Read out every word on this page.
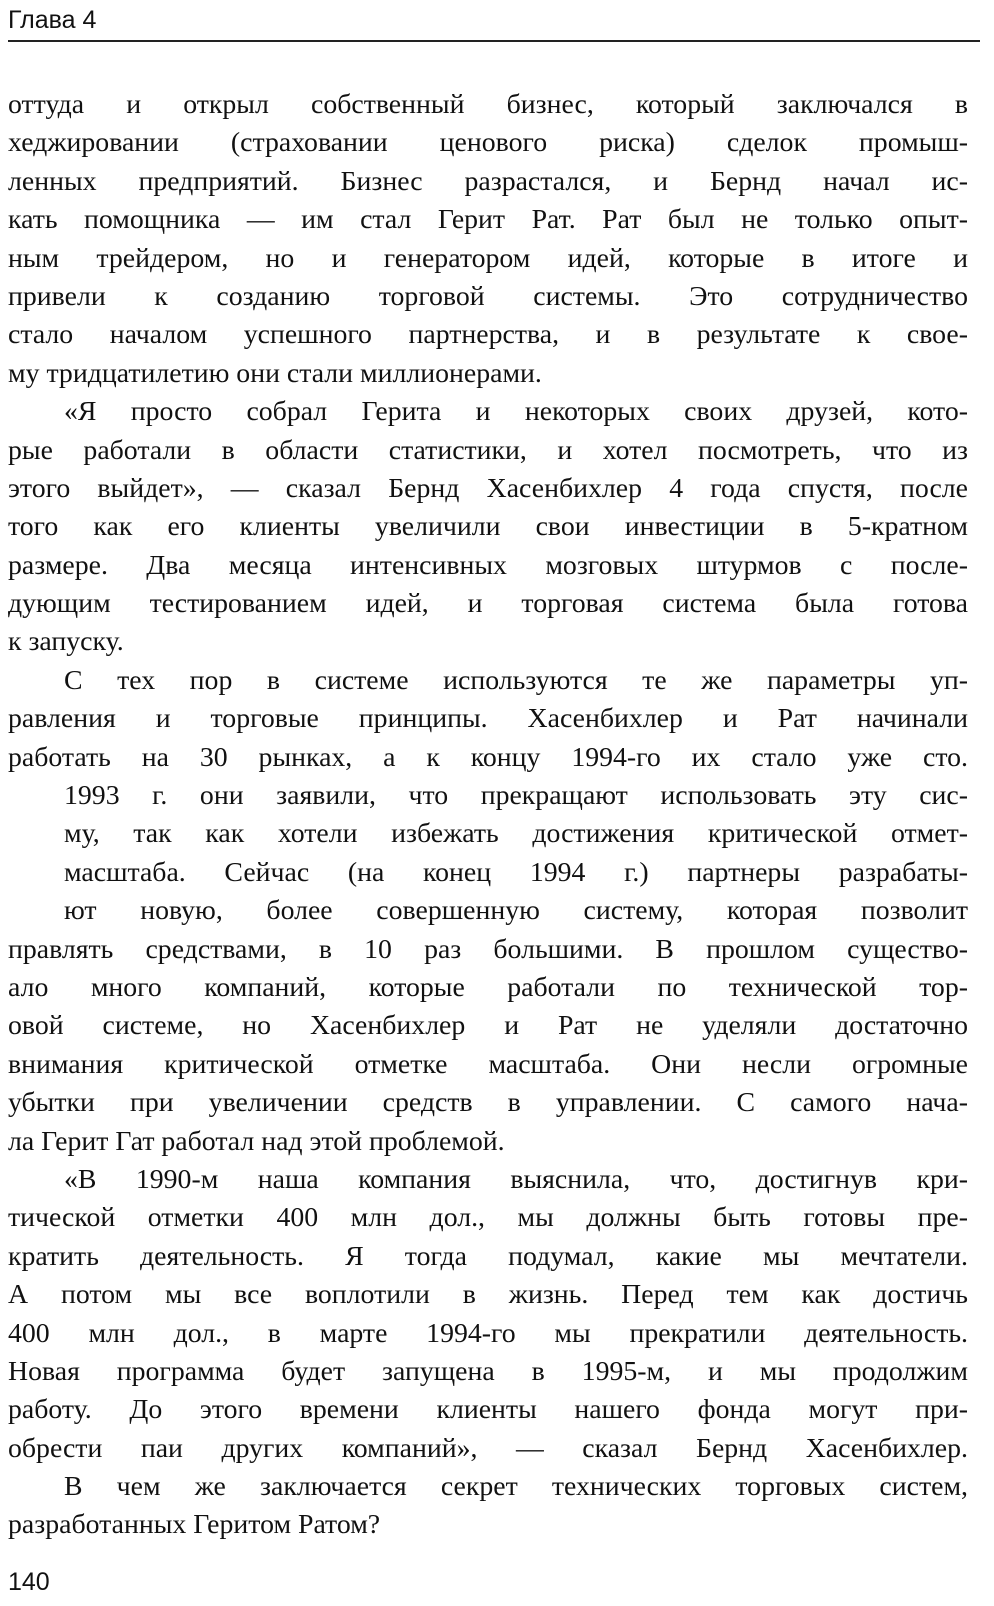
Глава 4
оттуда и открыл собственный бизнес, который заключался в
хеджировании (страховании ценового риска) сделок промыш-
ленных предприятий. Бизнес разрастался, и Бернд начал ис-
кать помощника — им стал Герит Рат. Рат был не только опыт-
ным трейдером, но и генератором идей, которые в итоге и
привели к созданию торговой системы. Это сотрудничество
стало началом успешного партнерства, и в результате к свое-
му тридцатилетию они стали миллионерами.
«Я просто собрал Герита и некоторых своих друзей, кото-
рые работали в области статистики, и хотел посмотреть, что из
этого выйдет», — сказал Бернд Хасенбихлер 4 года спустя, после
того как его клиенты увеличили свои инвестиции в 5-кратном
размере. Два месяца интенсивных мозговых штурмов с после-
дующим тестированием идей, и торговая система была готова
к запуску.
С тех пор в системе используются те же параметры уп-
равления и торговые принципы. Хасенбихлер и Рат начинали
работать на 30 рынках, а к концу 1994-го их стало уже сто.
1993 г. они заявили, что прекращают использовать эту сис-
му, так как хотели избежать достижения критической отмет-
масштаба. Сейчас (на конец 1994 г.) партнеры разрабаты-
ют новую, более совершенную систему, которая позволит
правлять средствами, в 10 раз большими. В прошлом существо-
ало много компаний, которые работали по технической тор-
овой системе, но Хасенбихлер и Рат не уделяли достаточно
внимания критической отметке масштаба. Они несли огромные
убытки при увеличении средств в управлении. С самого нача-
ла Герит Гат работал над этой проблемой.
«В 1990-м наша компания выяснила, что, достигнув кри-
тической отметки 400 млн дол., мы должны быть готовы пре-
кратить деятельность. Я тогда подумал, какие мы мечтатели.
А потом мы все воплотили в жизнь. Перед тем как достичь
400 млн дол., в марте 1994-го мы прекратили деятельность.
Новая программа будет запущена в 1995-м, и мы продолжим
работу. До этого времени клиенты нашего фонда могут при-
обрести паи других компаний», — сказал Бернд Хасенбихлер.
В чем же заключается секрет технических торговых систем,
разработанных Геритом Ратом?
140
